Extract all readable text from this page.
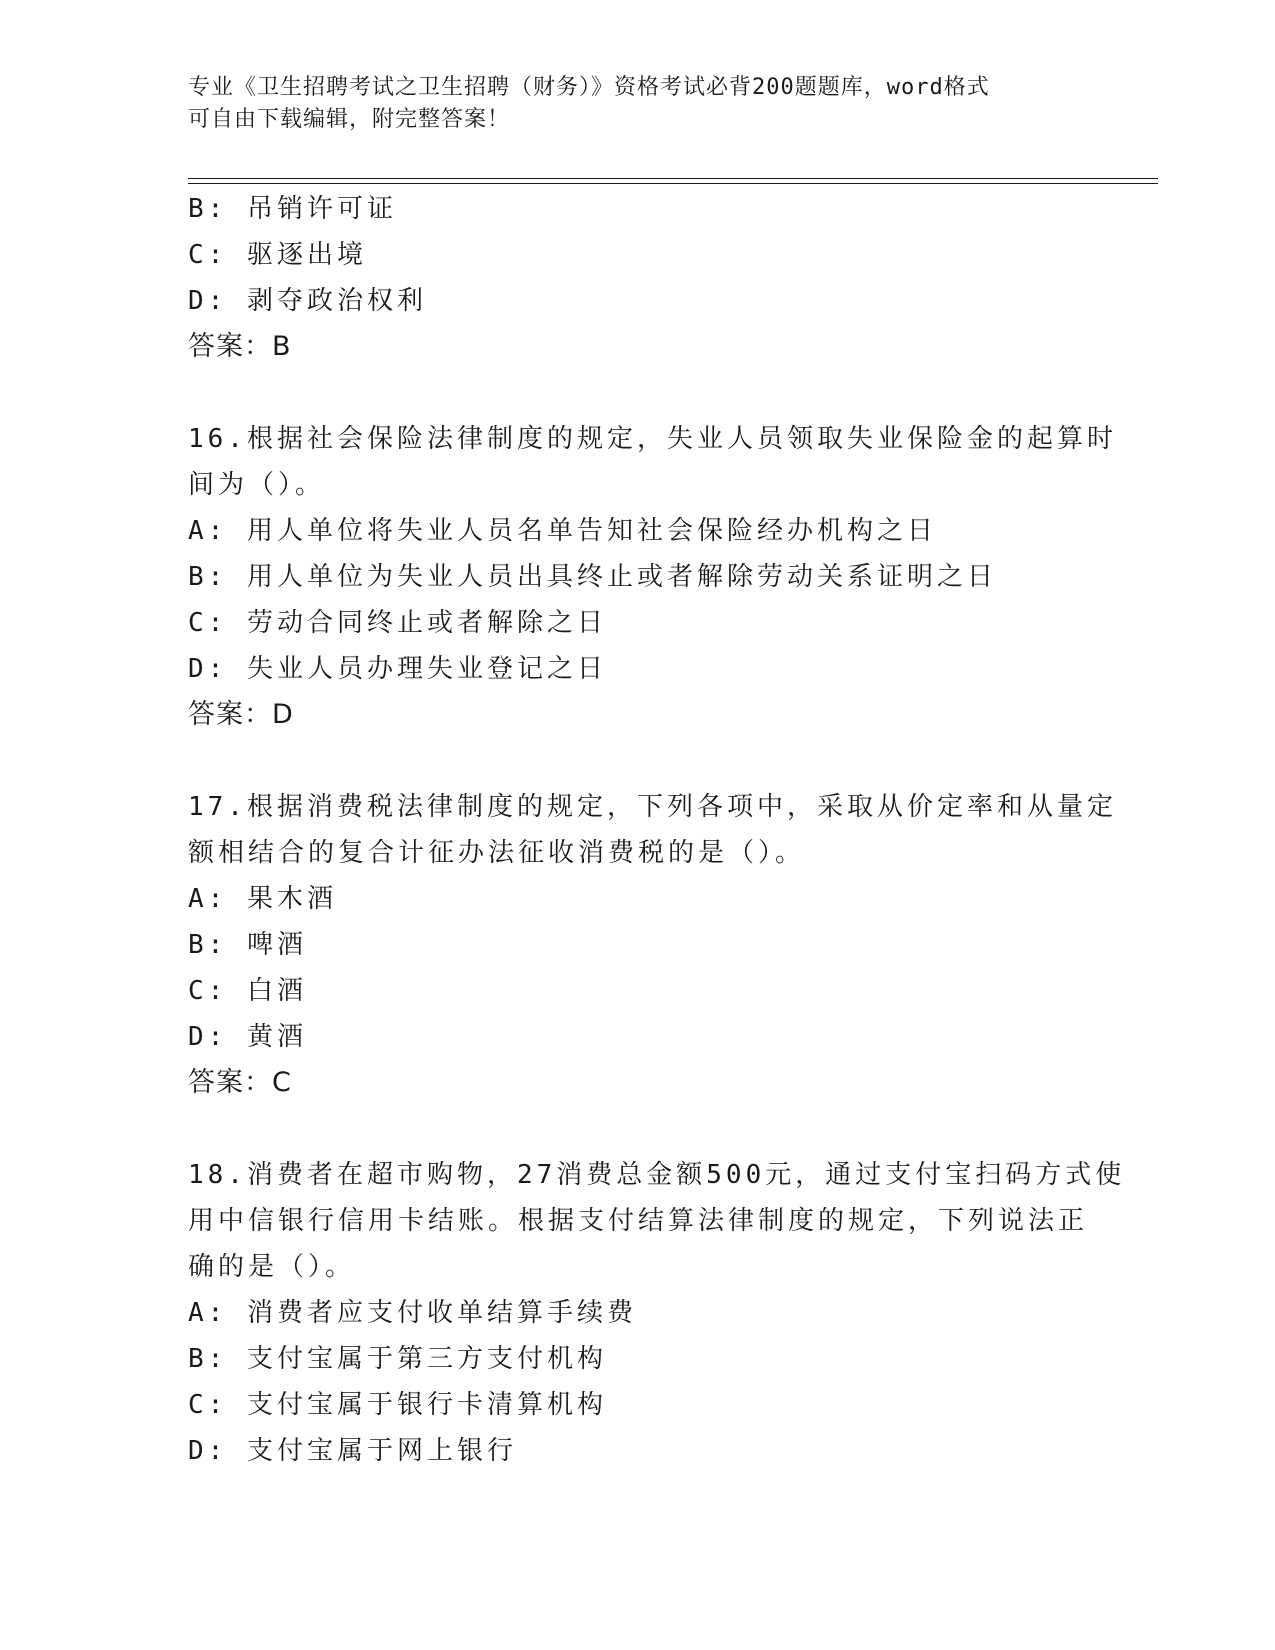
专业《卫生招聘考试之卫生招聘（财务）》资格考试必背200题题库，word格式

可自由下载编辑，附完整答案！

B: 吊销许可证

C: 驱逐出境

D: 剥夺政治权利

答案：B

16.根据社会保险法律制度的规定，失业人员领取失业保险金的起算时

间为（）。

A: 用人单位将失业人员名单告知社会保险经办机构之日

B: 用人单位为失业人员出具终止或者解除劳动关系证明之日

C: 劳动合同终止或者解除之日

D: 失业人员办理失业登记之日

答案：D

17.根据消费税法律制度的规定，下列各项中，采取从价定率和从量定

额相结合的复合计征办法征收消费税的是（）。

A: 果木酒

B: 啤酒

C: 白酒

D: 黄酒

答案：C

18.消费者在超市购物，27消费总金额500元，通过支付宝扫码方式使

用中信银行信用卡结账。根据支付结算法律制度的规定，下列说法正

确的是（）。

A: 消费者应支付收单结算手续费

B: 支付宝属于第三方支付机构

C: 支付宝属于银行卡清算机构

D: 支付宝属于网上银行
